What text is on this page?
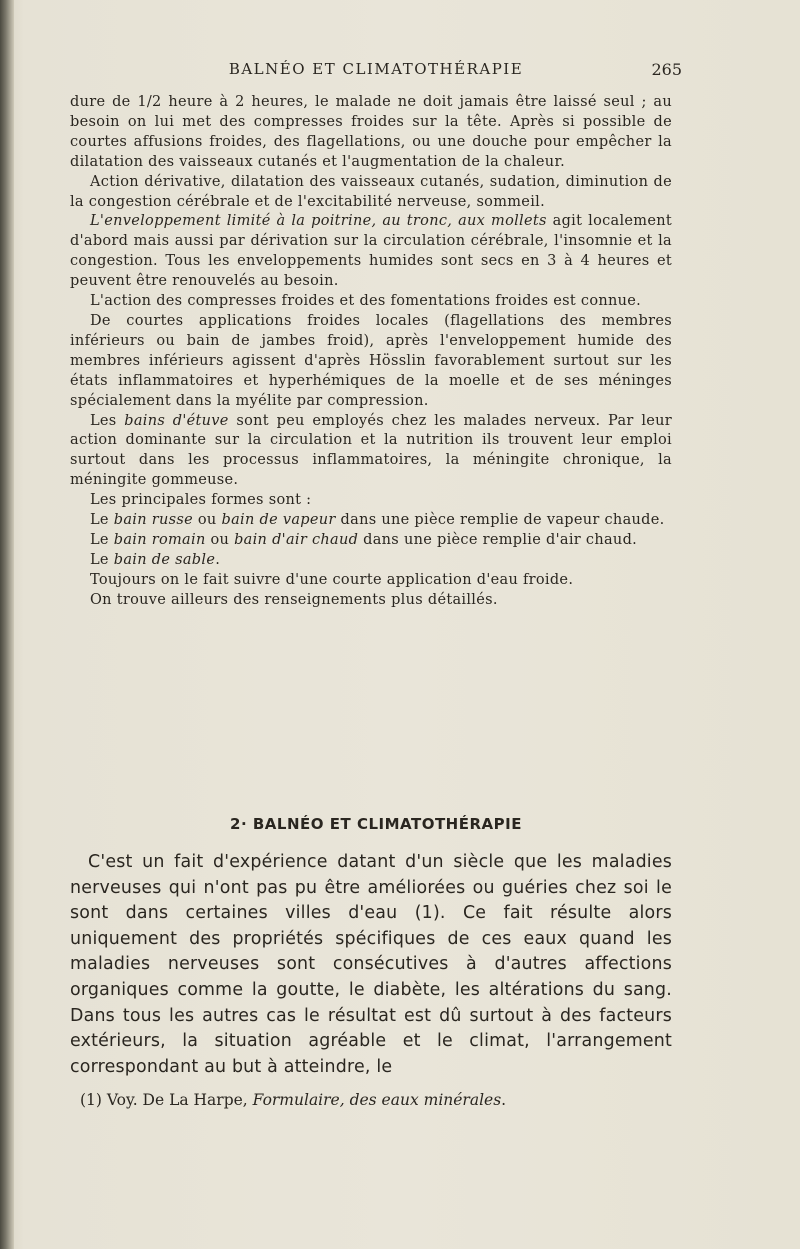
BALNÉO ET CLIMATOTHÉRAPIE	265

dure de 1/2 heure à 2 heures, le malade ne doit jamais être laissé seul ; au besoin on lui met des compresses froides sur la tête. Après si possible de courtes affusions froides, des flagellations, ou une douche pour empêcher la dilatation des vaisseaux cutanés et l'augmentation de la chaleur.

Action dérivative, dilatation des vaisseaux cutanés, sudation, diminution de la congestion cérébrale et de l'excitabilité nerveuse, sommeil.

L'enveloppement limité à la poitrine, au tronc, aux mollets agit localement d'abord mais aussi par dérivation sur la circulation cérébrale, l'insomnie et la congestion. Tous les enveloppements humides sont secs en 3 à 4 heures et peuvent être renouvelés au besoin.

L'action des compresses froides et des fomentations froides est connue.

De courtes applications froides locales (flagellations des membres inférieurs ou bain de jambes froid), après l'enveloppement humide des membres inférieurs agissent d'après Hösslin favorablement surtout sur les états inflammatoires et hyperhémiques de la moelle et de ses méninges spécialement dans la myélite par compression.

Les bains d'étuve sont peu employés chez les malades nerveux. Par leur action dominante sur la circulation et la nutrition ils trouvent leur emploi surtout dans les processus inflammatoires, la méningite chronique, la méningite gommeuse.

Les principales formes sont :

Le bain russe ou bain de vapeur dans une pièce remplie de vapeur chaude.

Le bain romain ou bain d'air chaud dans une pièce remplie d'air chaud.

Le bain de sable.

Toujours on le fait suivre d'une courte application d'eau froide.

On trouve ailleurs des renseignements plus détaillés.

2· BALNÉO ET CLIMATOTHÉRAPIE

C'est un fait d'expérience datant d'un siècle que les maladies nerveuses qui n'ont pas pu être améliorées ou guéries chez soi le sont dans certaines villes d'eau (1). Ce fait résulte alors uniquement des propriétés spécifiques de ces eaux quand les maladies nerveuses sont consécutives à d'autres affections organiques comme la goutte, le diabète, les altérations du sang. Dans tous les autres cas le résultat est dû surtout à des facteurs extérieurs, la situation agréable et le climat, l'arrangement correspondant au but à atteindre, le

(1) Voy. De La Harpe, Formulaire, des eaux minérales.
